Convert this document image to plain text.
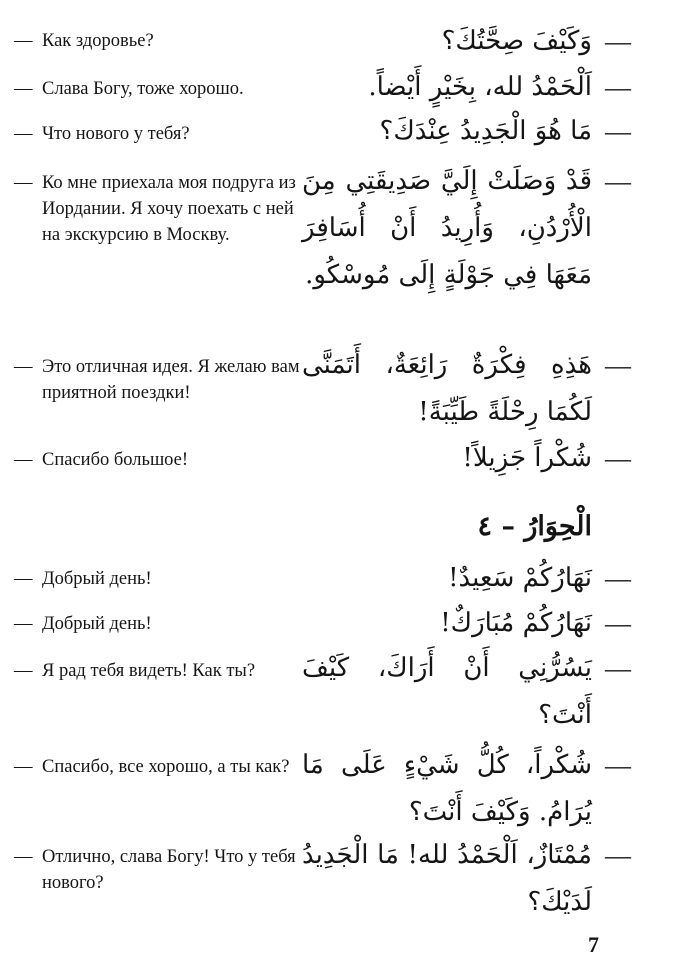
— Как здоровье?	—
وَكَيْفَ صِحَّتُكَ؟
— Слава Богу, тоже хорошо.	—
اَلْحَمْدُ لله، بِخَيْرٍ أَيْضاً.
— Что нового у тебя?	—
مَا هُوَ الْجَدِيدُ عِنْدَكَ؟
— Ко мне приехала моя подруга из Иордании. Я хочу поехать с ней на экскурсию в Москву.
—
قَدْ وَصَلَتْ إِلَيَّ صَدِيقَتِي مِنَ الْأُرْدُنِ، وَأُرِيدُ أَنْ أُسَافِرَ مَعَهَا فِي جَوْلَةٍ إِلَى مُوسْكُو.
— Это отличная идея. Я желаю вам приятной поездки!
—
هَذِهِ فِكْرَةٌ رَائِعَةٌ، أَتَمَنَّى لَكُمَا رِحْلَةً طَيِّبَةً!
— Спасибо большое!	—
شُكْراً جَزِيلاً!
الْحِوَارُ – ٤
— Добрый день!	—
نَهَارُكُمْ سَعِيدٌ!
— Добрый день!	—
نَهَارُكُمْ مُبَارَكٌ!
— Я рад тебя видеть! Как ты?	—
يَسُرُّنِي أَنْ أَرَاكَ، كَيْفَ أَنْتَ؟
— Спасибо, все хорошо, а ты как?	—
شُكْراً، كُلُّ شَيْءٍ عَلَى مَا يُرَامُ. وَكَيْفَ أَنْتَ؟
— Отлично, слава Богу! Что у тебя нового?
—
مُمْتَازٌ، اَلْحَمْدُ لله! مَا الْجَدِيدُ لَدَيْكَ؟
7
